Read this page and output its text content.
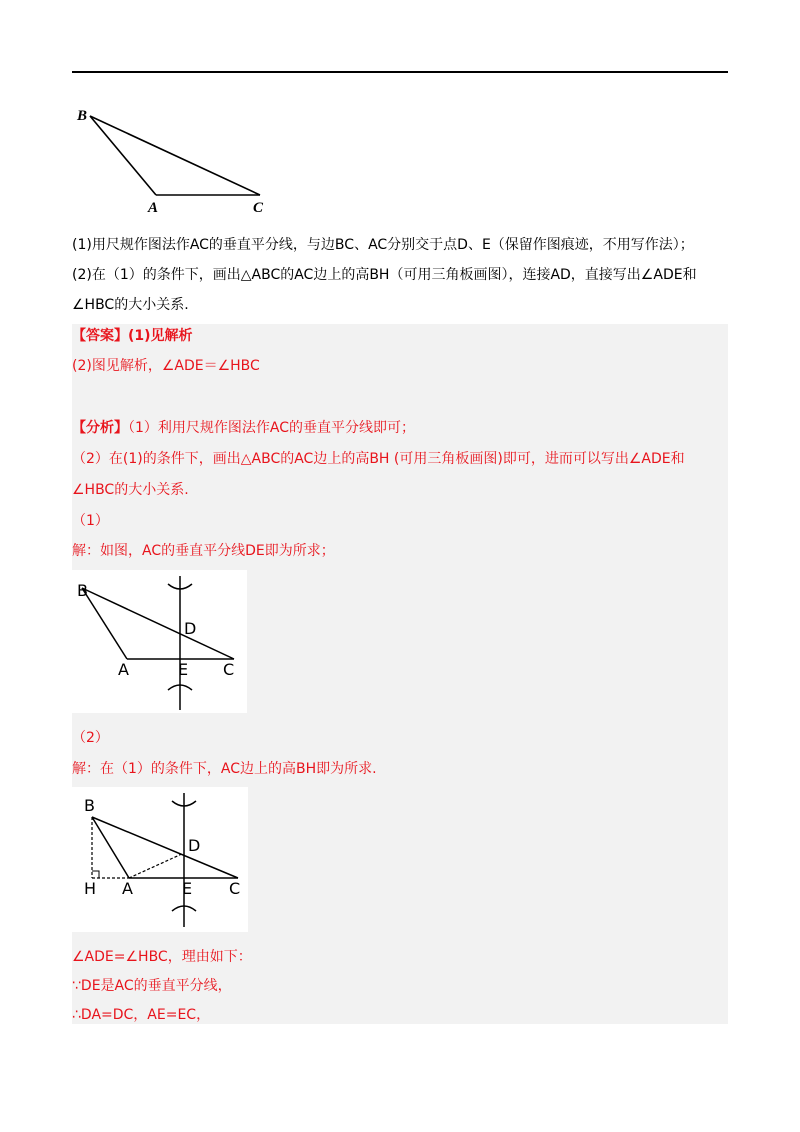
B
A	C
(1)用尺规作图法作AC的垂直平分线，与边BC、AC分别交于点D、E（保留作图痕迹，不用写作法）；
(2)在（1）的条件下，画出△ABC的AC边上的高BH（可用三角板画图），连接AD，直接写出∠ADE和
∠HBC的大小关系.
【答案】(1)见解析
(2)图见解析，∠ADE＝∠HBC
【分析】（1）利用尺规作图法作AC的垂直平分线即可；
（2）在(1)的条件下，画出△ABC的AC边上的高BH (可用三角板画图)即可，进而可以写出∠ADE和
∠HBC的大小关系.
（1）
解：如图，AC的垂直平分线DE即为所求；
B
D
A	E C
（2）
解：在（1）的条件下，AC边上的高BH即为所求.
B
D
H A	E C
∠ADE=∠HBC，理由如下：
∵DE是AC的垂直平分线，
∴DA=DC，AE=EC，
